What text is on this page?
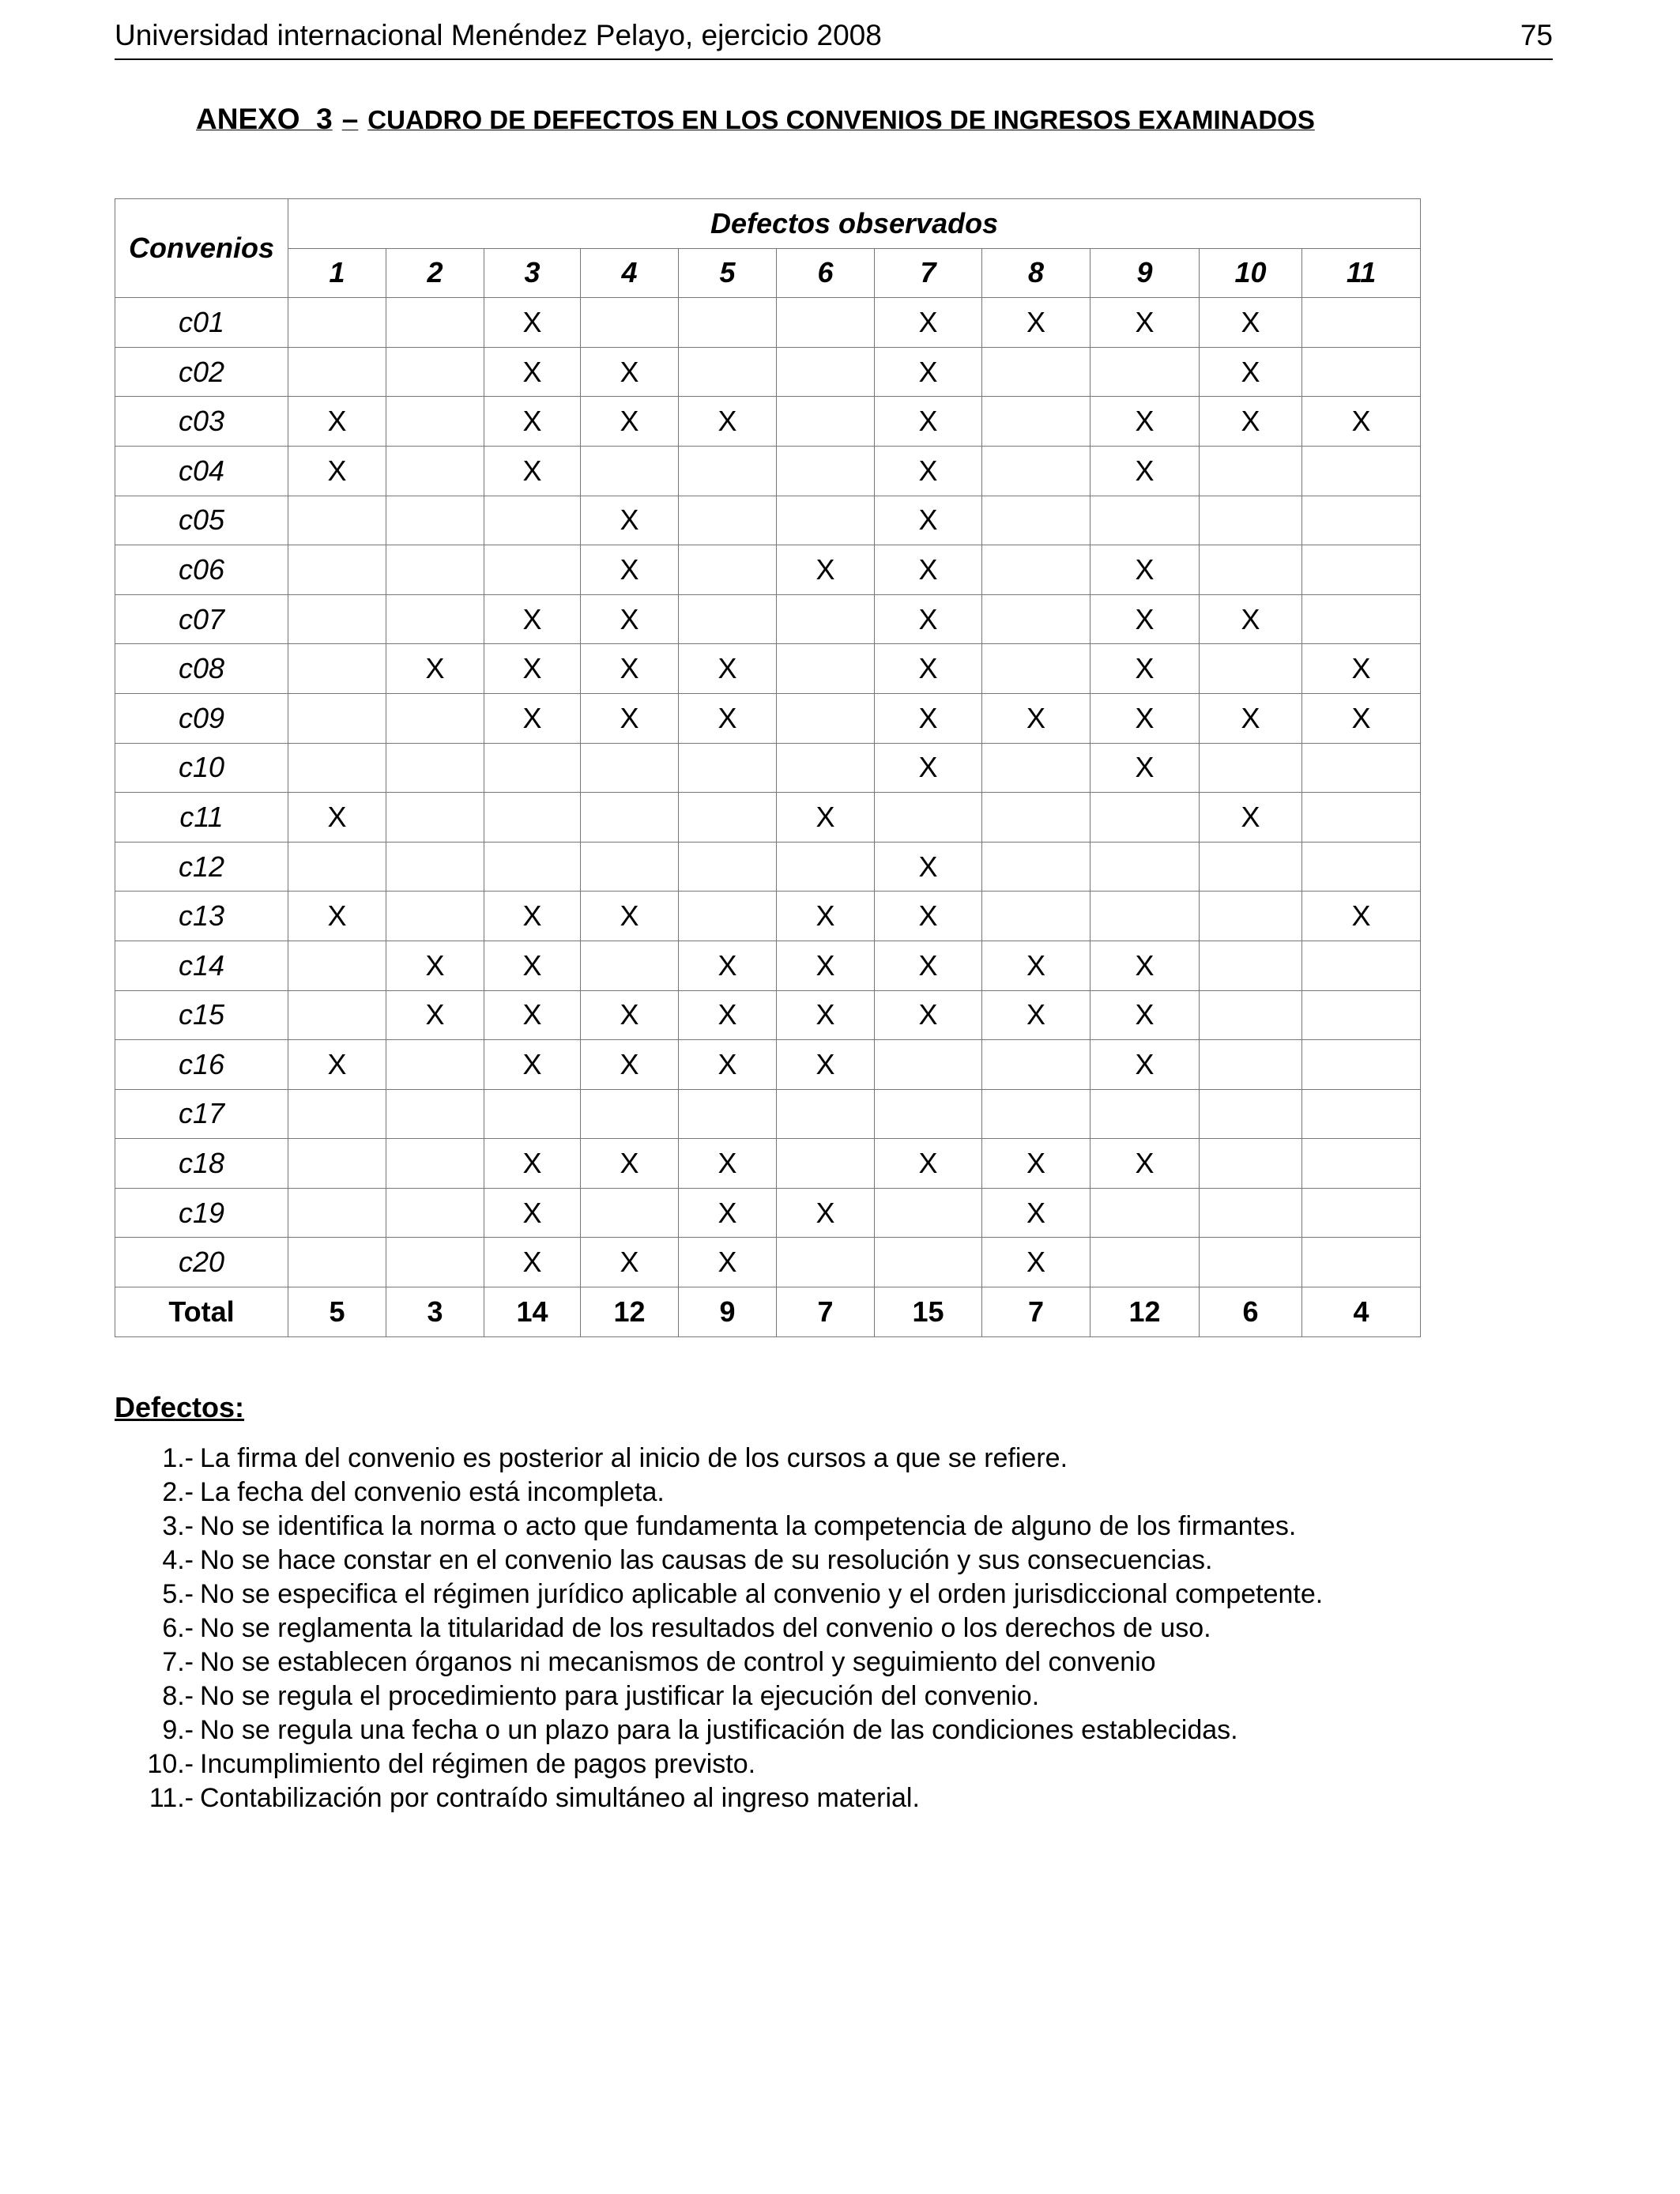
Universidad internacional Menéndez Pelayo, ejercicio 2008	75
ANEXO  3 – CUADRO DE DEFECTOS EN LOS CONVENIOS DE INGRESOS EXAMINADOS
Convenios	Defectos observados										
	1	2	3	4	5	6	7	8	9	10	11
c01			X				X	X	X	X	
c02			X	X			X			X	
c03	X		X	X	X		X		X	X	X
c04	X		X				X		X		
c05				X			X				
c06				X		X	X		X		
c07			X	X			X		X	X	
c08		X	X	X	X		X		X		X
c09			X	X	X		X	X	X	X	X
c10							X		X		
c11	X					X				X	
c12							X				
c13	X		X	X		X	X				X
c14		X	X		X	X	X	X	X		
c15		X	X	X	X	X	X	X	X		
c16	X		X	X	X	X			X		
c17											
c18			X	X	X		X	X	X		
c19			X		X	X		X			
c20			X	X	X			X			
Total	5	3	14	12	9	7	15	7	12	6	4
Defectos:
1.- La firma del convenio es posterior al inicio de los cursos a que se refiere.
2.- La fecha del convenio está incompleta.
3.- No se identifica la norma o acto que fundamenta la competencia de alguno de los firmantes.
4.- No se hace constar en el convenio las causas de su resolución y sus consecuencias.
5.- No se especifica el régimen jurídico aplicable al convenio y el orden jurisdiccional competente.
6.- No se reglamenta la titularidad de los resultados del convenio o los derechos de uso.
7.- No se establecen órganos ni mecanismos de control y seguimiento del convenio
8.- No se regula el procedimiento para justificar la ejecución del convenio.
9.- No se regula una fecha o un plazo para la justificación de las condiciones establecidas.
10.- Incumplimiento del régimen de pagos previsto.
11.- Contabilización por contraído simultáneo al ingreso material.
